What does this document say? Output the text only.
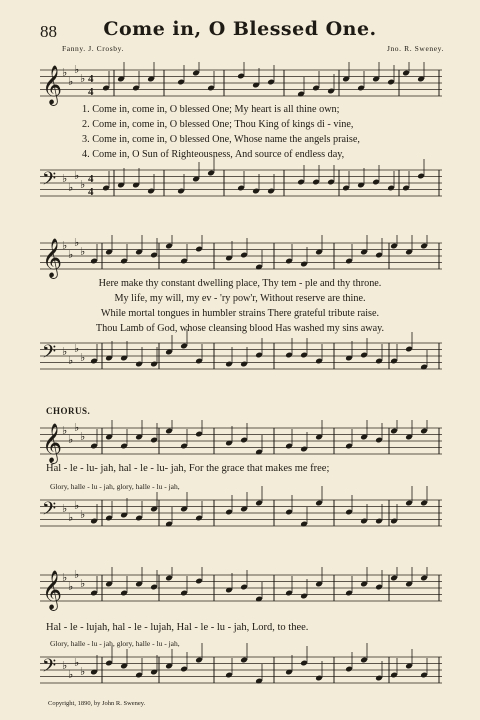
88	Come in, O Blessed One.
Fanny. J. Crosby.	Jno. R. Sweney.
𝄞 ♭
♭
♭
♭ 4
4
𝄢 ♭
♭
♭
♭ 4
4
1. Come in, come in, O blessed One; My heart is all thine own;
2. Come in, come in, O blessed One; Thou King of kings di - vine,
3. Come in, come in, O blessed One, Whose name the angels praise,
4. Come in, O Sun of Righteousness, And source of endless day,
𝄞 ♭
♭
♭
♭
𝄢 ♭
♭
♭
♭
Here make thy constant dwelling place, Thy tem - ple and thy throne.
My life, my will, my ev - 'ry pow'r, Without reserve are thine.
While mortal tongues in humbler strains There grateful tribute raise.
Thou Lamb of God, whose cleansing blood Has washed my sins away.
CHORUS.
𝄞 ♭
♭
♭
♭
𝄢 ♭
♭
♭
♭
Hal - le - lu- jah, hal - le - lu- jah, For the grace that makes me free;
Glory, halle - lu - jah, glory, halle - lu - jah,
𝄞 ♭
♭
♭
♭
𝄢 ♭
♭
♭
♭
Hal - le - lujah, hal - le - lujah, Hal - le - lu - jah, Lord, to thee.
Glory, halle - lu - jah, glory, halle - lu - jah,
Copyright, 1890, by John R. Sweney.
